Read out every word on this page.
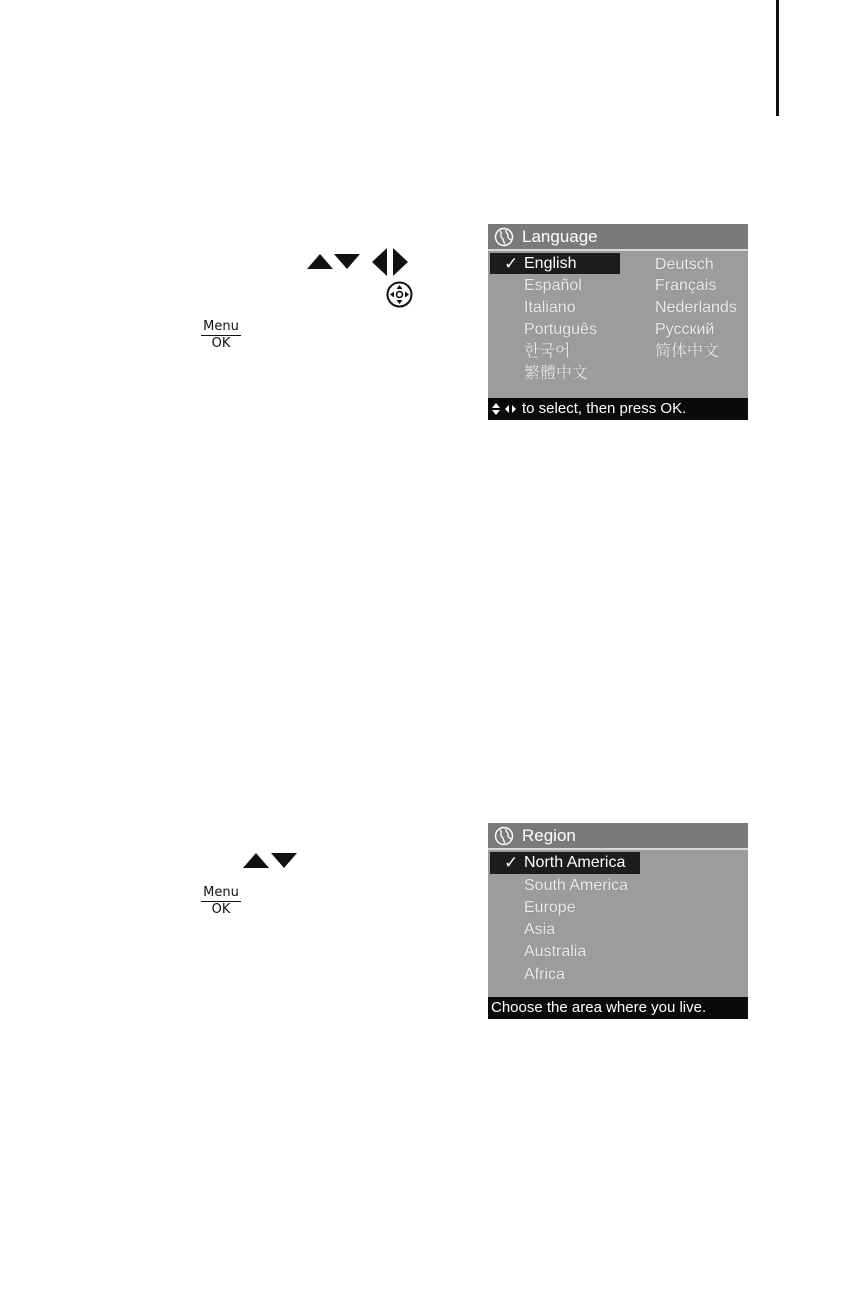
Menu
OK
Language
✓ English
Español
Italiano
Português
한국어
繁體中文
Deutsch
Français
Nederlands
Русский
简体中文
to select, then press OK.
Menu
OK
Region
✓ North America
South America
Europe
Asia
Australia
Africa
Choose the area where you live.
